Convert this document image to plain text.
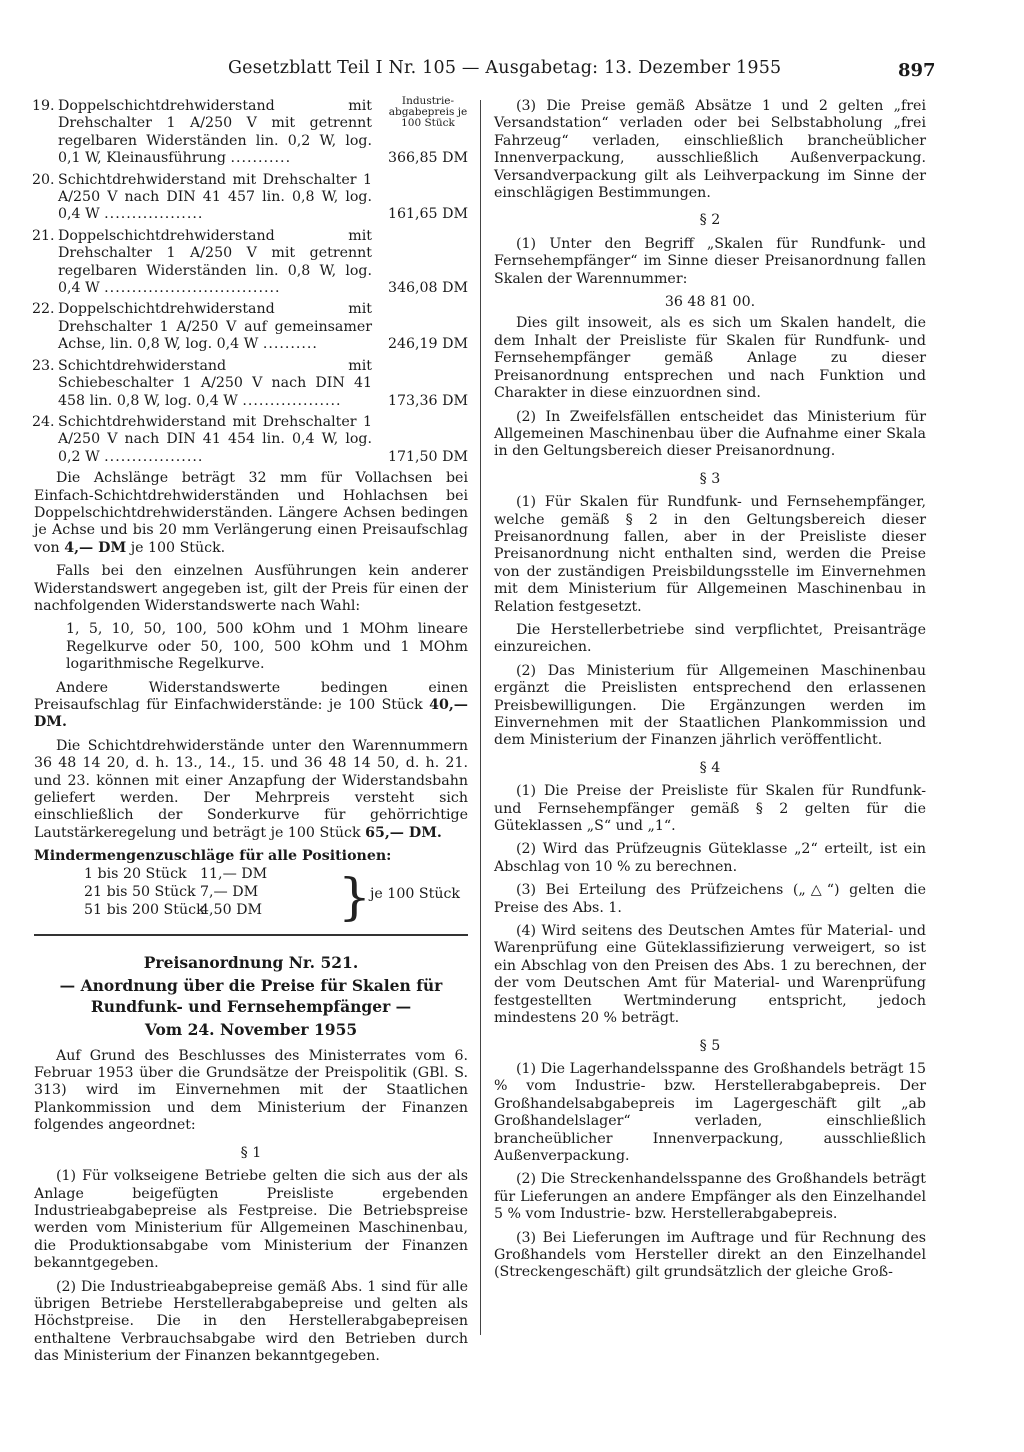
Gesetzblatt Teil I Nr. 105 — Ausgabetag: 13. Dezember 1955	897
Industrie-abgabepreis je 100 Stück
19. Doppelschichtdrehwiderstand mit Drehschalter 1 A/250 V mit getrennt regelbaren Widerständen lin. 0,2 W, log. 0,1 W, Kleinausführung ...........	366,85 DM
20. Schichtdrehwiderstand mit Drehschalter 1 A/250 V nach DIN 41 457 lin. 0,8 W, log. 0,4 W ..................	161,65 DM
21. Doppelschichtdrehwiderstand mit Drehschalter 1 A/250 V mit getrennt regelbaren Widerständen lin. 0,8 W, log. 0,4 W ................................	346,08 DM
22. Doppelschichtdrehwiderstand mit Drehschalter 1 A/250 V auf gemeinsamer Achse, lin. 0,8 W, log. 0,4 W ..........	246,19 DM
23. Schichtdrehwiderstand mit Schiebeschalter 1 A/250 V nach DIN 41 458 lin. 0,8 W, log. 0,4 W ..................	173,36 DM
24. Schichtdrehwiderstand mit Drehschalter 1 A/250 V nach DIN 41 454 lin. 0,4 W, log. 0,2 W ..................	171,50 DM

Die Achslänge beträgt 32 mm für Vollachsen bei Einfach-Schichtdrehwiderständen und Hohlachsen bei Doppelschichtdrehwiderständen. Längere Achsen bedingen je Achse und bis 20 mm Verlängerung einen Preisaufschlag von 4,— DM je 100 Stück.

Falls bei den einzelnen Ausführungen kein anderer Widerstandswert angegeben ist, gilt der Preis für einen der nachfolgenden Widerstandswerte nach Wahl:

1, 5, 10, 50, 100, 500 kOhm und 1 MOhm lineare Regelkurve oder 50, 100, 500 kOhm und 1 MOhm logarithmische Regelkurve.

Andere Widerstandswerte bedingen einen Preisaufschlag für Einfachwiderstände: je 100 Stück 40,— DM.

Die Schichtdrehwiderstände unter den Warennummern 36 48 14 20, d. h. 13., 14., 15. und 36 48 14 50, d. h. 21. und 23. können mit einer Anzapfung der Widerstandsbahn geliefert werden. Der Mehrpreis versteht sich einschließlich der Sonderkurve für gehörrichtige Lautstärkeregelung und beträgt je 100 Stück 65,— DM.

Mindermengenzuschläge für alle Positionen:
1 bis 20 Stück 11,— DM
21 bis 50 Stück 7,— DM
51 bis 200 Stück4,50 DM }
je 100 Stück
Preisanordnung Nr. 521.
— Anordnung über die Preise für Skalen für Rundfunk- und Fernsehempfänger —
Vom 24. November 1955

Auf Grund des Beschlusses des Ministerrates vom 6. Februar 1953 über die Grundsätze der Preispolitik (GBl. S. 313) wird im Einvernehmen mit der Staatlichen Plankommission und dem Ministerium der Finanzen folgendes angeordnet:

§ 1

(1) Für volkseigene Betriebe gelten die sich aus der als Anlage beigefügten Preisliste ergebenden Industrieabgabepreise als Festpreise. Die Betriebspreise werden vom Ministerium für Allgemeinen Maschinenbau, die Produktionsabgabe vom Ministerium der Finanzen bekanntgegeben.

(2) Die Industrieabgabepreise gemäß Abs. 1 sind für alle übrigen Betriebe Herstellerabgabepreise und gelten als Höchstpreise. Die in den Herstellerabgabepreisen enthaltene Verbrauchsabgabe wird den Betrieben durch das Ministerium der Finanzen bekanntgegeben.

(3) Die Preise gemäß Absätze 1 und 2 gelten „frei Versandstation“ verladen oder bei Selbstabholung „frei Fahrzeug“ verladen, einschließlich brancheüblicher Innenverpackung, ausschließlich Außenverpackung. Versandverpackung gilt als Leihverpackung im Sinne der einschlägigen Bestimmungen.

§ 2

(1) Unter den Begriff „Skalen für Rundfunk- und Fernsehempfänger“ im Sinne dieser Preisanordnung fallen Skalen der Warennummer:

36 48 81 00.

Dies gilt insoweit, als es sich um Skalen handelt, die dem Inhalt der Preisliste für Skalen für Rundfunk- und Fernsehempfänger gemäß Anlage zu dieser Preisanordnung entsprechen und nach Funktion und Charakter in diese einzuordnen sind.

(2) In Zweifelsfällen entscheidet das Ministerium für Allgemeinen Maschinenbau über die Aufnahme einer Skala in den Geltungsbereich dieser Preisanordnung.

§ 3

(1) Für Skalen für Rundfunk- und Fernsehempfänger, welche gemäß § 2 in den Geltungsbereich dieser Preisanordnung fallen, aber in der Preisliste dieser Preisanordnung nicht enthalten sind, werden die Preise von der zuständigen Preisbildungsstelle im Einvernehmen mit dem Ministerium für Allgemeinen Maschinenbau in Relation festgesetzt.

Die Herstellerbetriebe sind verpflichtet, Preisanträge einzureichen.

(2) Das Ministerium für Allgemeinen Maschinenbau ergänzt die Preislisten entsprechend den erlassenen Preisbewilligungen. Die Ergänzungen werden im Einvernehmen mit der Staatlichen Plankommission und dem Ministerium der Finanzen jährlich veröffentlicht.

§ 4

(1) Die Preise der Preisliste für Skalen für Rundfunk- und Fernsehempfänger gemäß § 2 gelten für die Güteklassen „S“ und „1“.

(2) Wird das Prüfzeugnis Güteklasse „2“ erteilt, ist ein Abschlag von 10 % zu berechnen.

(3) Bei Erteilung des Prüfzeichens („△“) gelten die Preise des Abs. 1.

(4) Wird seitens des Deutschen Amtes für Material- und Warenprüfung eine Güteklassifizierung verweigert, so ist ein Abschlag von den Preisen des Abs. 1 zu berechnen, der der vom Deutschen Amt für Material- und Warenprüfung festgestellten Wertminderung entspricht, jedoch mindestens 20 % beträgt.

§ 5

(1) Die Lagerhandelsspanne des Großhandels beträgt 15 % vom Industrie- bzw. Herstellerabgabepreis. Der Großhandelsabgabepreis im Lagergeschäft gilt „ab Großhandelslager“ verladen, einschließlich brancheüblicher Innenverpackung, ausschließlich Außenverpackung.

(2) Die Streckenhandelsspanne des Großhandels beträgt für Lieferungen an andere Empfänger als den Einzelhandel 5 % vom Industrie- bzw. Herstellerabgabepreis.

(3) Bei Lieferungen im Auftrage und für Rechnung des Großhandels vom Hersteller direkt an den Einzelhandel (Streckengeschäft) gilt grundsätzlich der gleiche Groß-
